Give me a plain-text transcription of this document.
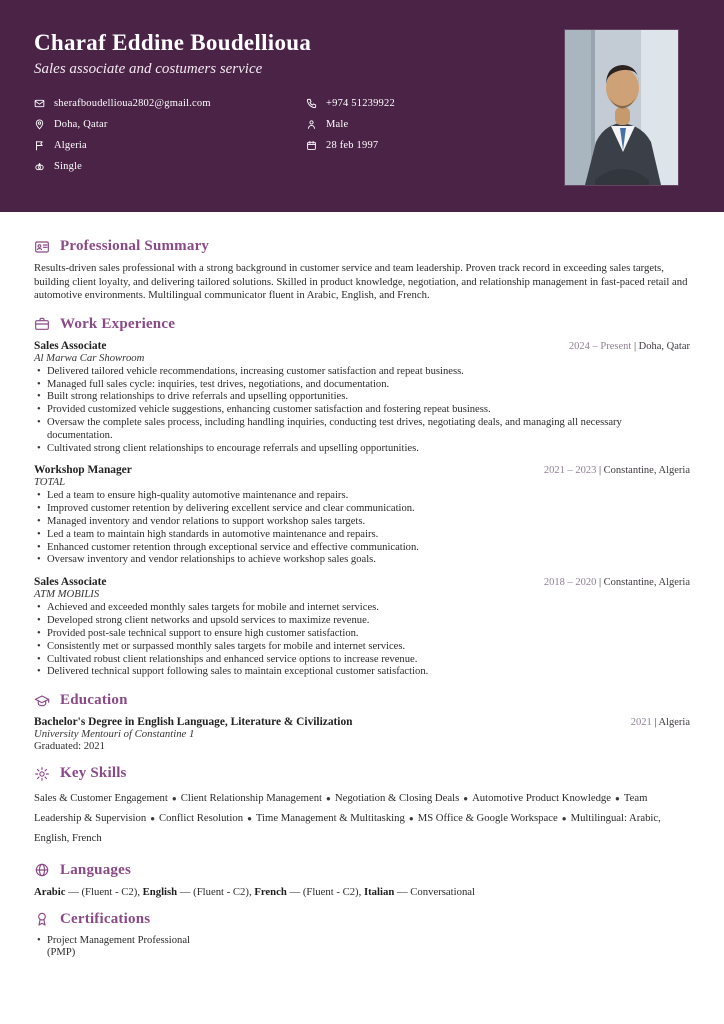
Charaf Eddine Boudellioua
Sales associate and costumers service
sherafboudellioua2802@gmail.com
Doha, Qatar
Algeria
Single
+974 51239922
Male
28 feb 1997
Professional Summary

Results-driven sales professional with a strong background in customer service and team leadership. Proven track record in exceeding sales targets, building client loyalty, and delivering tailored solutions. Skilled in product knowledge, negotiation, and relationship management in fast-paced retail and automotive environments. Multilingual communicator fluent in Arabic, English, and French.

Work Experience
Sales Associate	2024 – Present | Doha, Qatar
Al Marwa Car Showroom
• Delivered tailored vehicle recommendations, increasing customer satisfaction and repeat business.
• Managed full sales cycle: inquiries, test drives, negotiations, and documentation.
• Built strong relationships to drive referrals and upselling opportunities.
• Provided customized vehicle suggestions, enhancing customer satisfaction and fostering repeat business.
• Oversaw the complete sales process, including handling inquiries, conducting test drives, negotiating deals, and managing all necessary documentation.
• Cultivated strong client relationships to encourage referrals and upselling opportunities.
Workshop Manager	2021 – 2023 | Constantine, Algeria
TOTAL
• Led a team to ensure high-quality automotive maintenance and repairs.
• Improved customer retention by delivering excellent service and clear communication.
• Managed inventory and vendor relations to support workshop sales targets.
• Led a team to maintain high standards in automotive maintenance and repairs.
• Enhanced customer retention through exceptional service and effective communication.
• Oversaw inventory and vendor relationships to achieve workshop sales goals.
Sales Associate	2018 – 2020 | Constantine, Algeria
ATM MOBILIS
• Achieved and exceeded monthly sales targets for mobile and internet services.
• Developed strong client networks and upsold services to maximize revenue.
• Provided post-sale technical support to ensure high customer satisfaction.
• Consistently met or surpassed monthly sales targets for mobile and internet services.
• Cultivated robust client relationships and enhanced service options to increase revenue.
• Delivered technical support following sales to maintain exceptional customer satisfaction.
Education
Bachelor's Degree in English Language, Literature & Civilization	2021 | Algeria
University Mentouri of Constantine 1
Graduated: 2021
Key Skills

Sales & Customer Engagement  ● Client Relationship Management  ● Negotiation & Closing Deals  ● Automotive Product Knowledge  ● Team Leadership & Supervision  ● Conflict Resolution  ● Time Management & Multitasking  ● MS Office & Google Workspace  ● Multilingual: Arabic, English, French

Languages

Arabic — (Fluent - C2) , English — (Fluent - C2) , French — (Fluent - C2) , Italian — Conversational

Certifications
• Project Management Professional (PMP)
